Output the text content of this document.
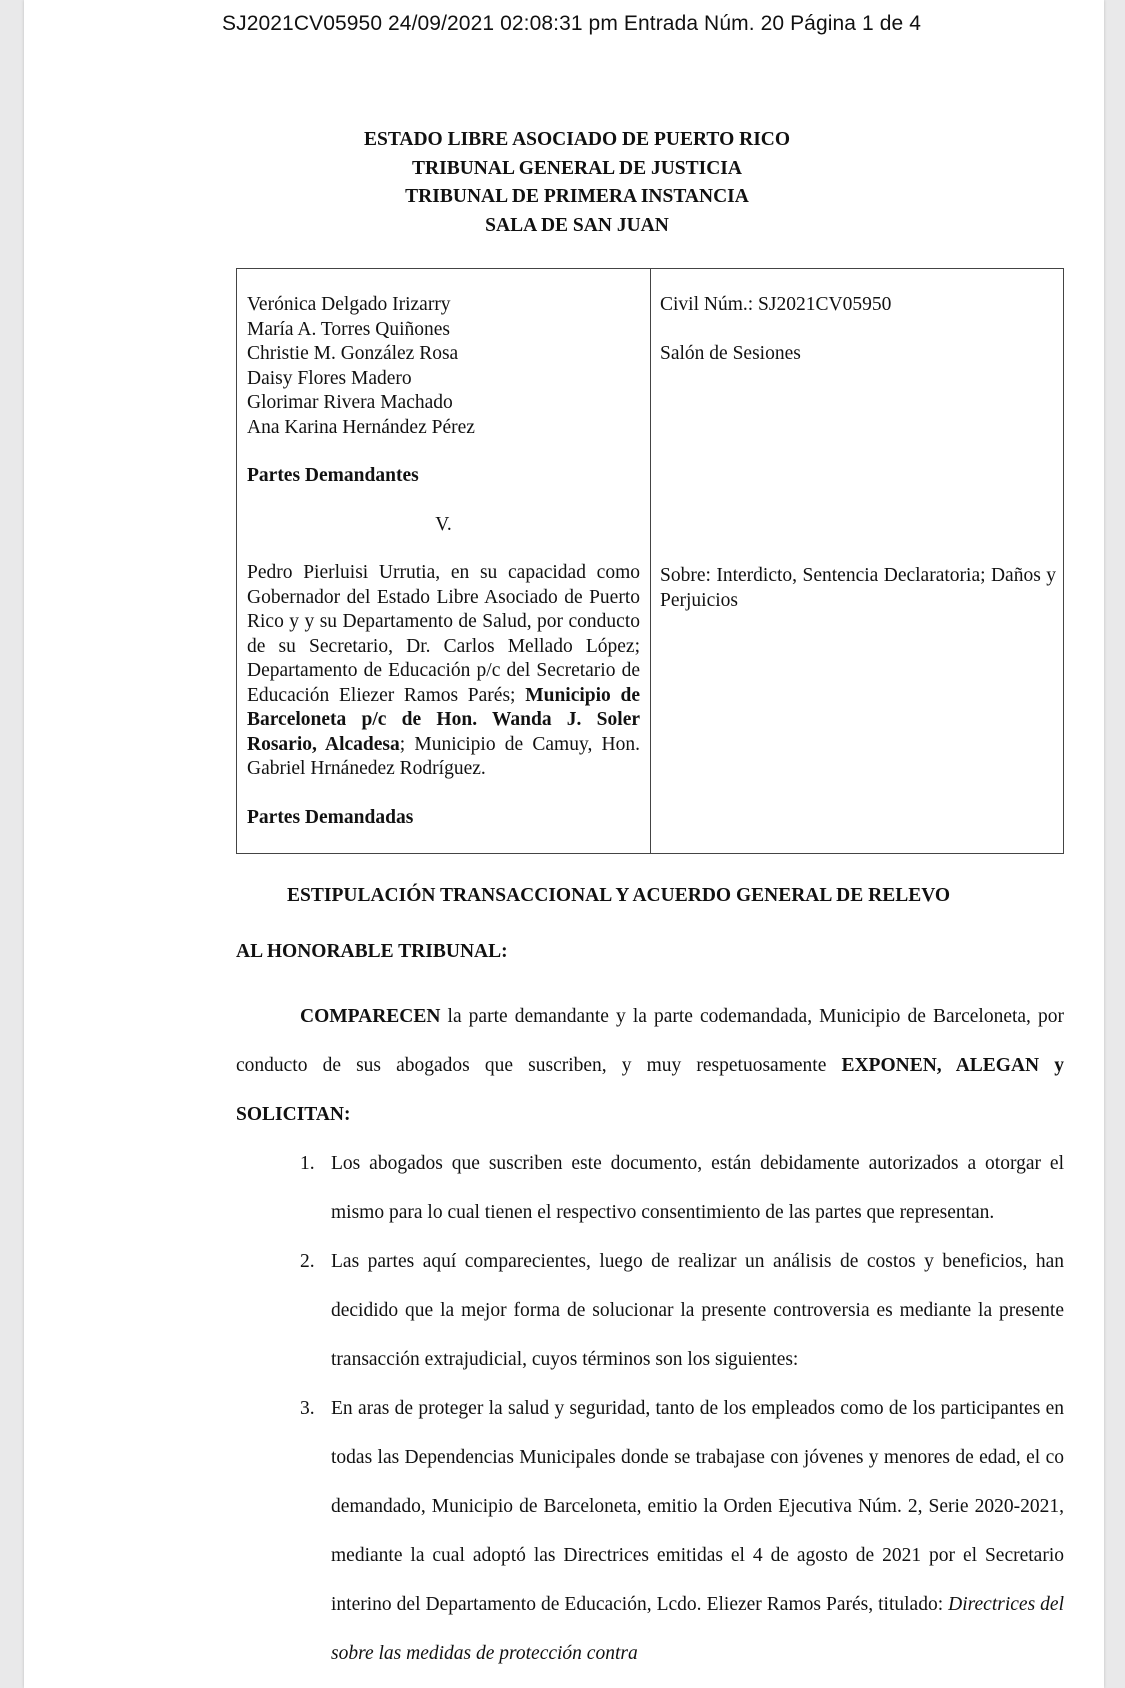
SJ2021CV05950 24/09/2021 02:08:31 pm Entrada Núm. 20 Página 1 de 4
ESTADO LIBRE ASOCIADO DE PUERTO RICO
TRIBUNAL GENERAL DE JUSTICIA
TRIBUNAL DE PRIMERA INSTANCIA
SALA DE SAN JUAN
Verónica Delgado Irizarry
María A. Torres Quiñones
Christie M. González Rosa
Daisy Flores Madero
Glorimar Rivera Machado
Ana Karina Hernández Pérez
Partes Demandantes
V.
Pedro Pierluisi Urrutia, en su capacidad como Gobernador del Estado Libre Asociado de Puerto Rico y y su Departamento de Salud, por conducto de su Secretario, Dr. Carlos Mellado López; Departamento de Educación p/c del Secretario de Educación Eliezer Ramos Parés; Municipio de Barceloneta p/c de Hon. Wanda J. Soler Rosario, Alcadesa; Municipio de Camuy, Hon. Gabriel Hrnánedez Rodríguez.
Partes Demandadas
Civil Núm.: SJ2021CV05950
Salón de Sesiones
Sobre: Interdicto, Sentencia Declaratoria; Daños y Perjuicios
ESTIPULACIÓN TRANSACCIONAL Y ACUERDO GENERAL DE RELEVO
AL HONORABLE TRIBUNAL:

COMPARECEN la parte demandante y la parte codemandada, Municipio de Barceloneta, por conducto de sus abogados que suscriben, y muy respetuosamente EXPONEN, ALEGAN y SOLICITAN:

1. Los abogados que suscriben este documento, están debidamente autorizados a otorgar el mismo para lo cual tienen el respectivo consentimiento de las partes que representan.
2. Las partes aquí comparecientes, luego de realizar un análisis de costos y beneficios, han decidido que la mejor forma de solucionar la presente controversia es mediante la presente transacción extrajudicial, cuyos términos son los siguientes:
3. En aras de proteger la salud y seguridad, tanto de los empleados como de los participantes en todas las Dependencias Municipales donde se trabajase con jóvenes y menores de edad, el co demandado, Municipio de Barceloneta, emitio la Orden Ejecutiva Núm. 2, Serie 2020-2021, mediante la cual adoptó las Directrices emitidas el 4 de agosto de 2021 por el Secretario interino del Departamento de Educación, Lcdo. Eliezer Ramos Parés, titulado: Directrices del sobre las medidas de protección contra
